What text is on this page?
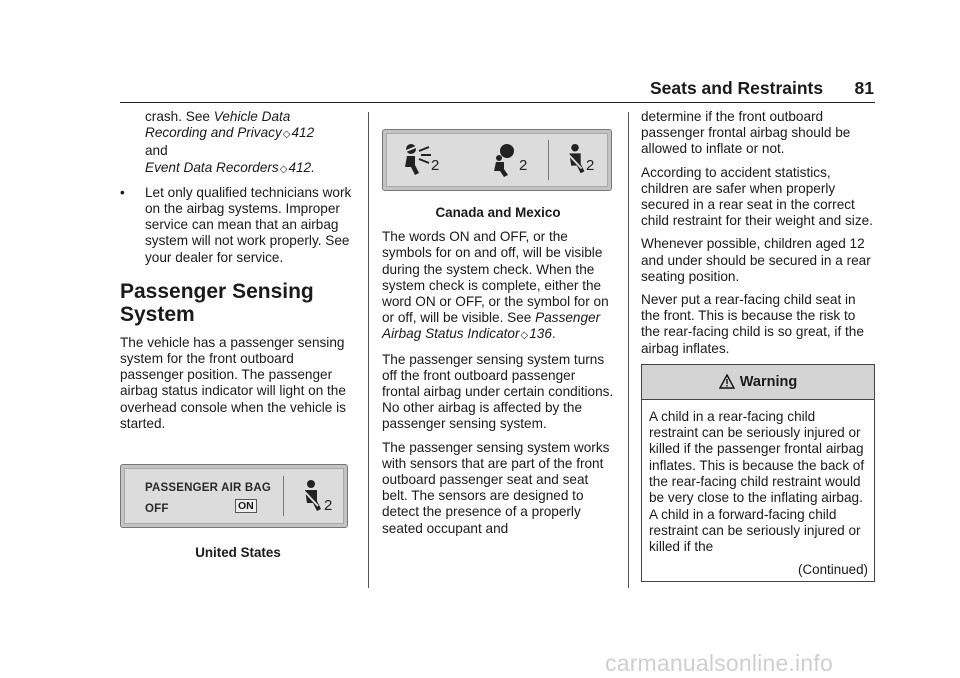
Seats and Restraints 81

crash. See Vehicle Data Recording and Privacy◇412
and
Event Data Recorders◇412.

• Let only qualified technicians work on the airbag systems. Improper service can mean that an airbag system will not work properly. See your dealer for service.
Passenger Sensing System

The vehicle has a passenger sensing system for the front outboard passenger position. The passenger airbag status indicator will light on the overhead console when the vehicle is started.

PASSENGER AIR BAG
OFF	ON	2
United States
2	2	2
Canada and Mexico

The words ON and OFF, or the symbols for on and off, will be visible during the system check. When the system check is complete, either the word ON or OFF, or the symbol for on or off, will be visible. See Passenger Airbag Status Indicator◇136.

The passenger sensing system turns off the front outboard passenger frontal airbag under certain conditions. No other airbag is affected by the passenger sensing system.

The passenger sensing system works with sensors that are part of the front outboard passenger seat and seat belt. The sensors are designed to detect the presence of a properly seated occupant and

determine if the front outboard passenger frontal airbag should be allowed to inflate or not.

According to accident statistics, children are safer when properly secured in a rear seat in the correct child restraint for their weight and size.

Whenever possible, children aged 12 and under should be secured in a rear seating position.

Never put a rear-facing child seat in the front. This is because the risk to the rear-facing child is so great, if the airbag inflates.

Warning
A child in a rear-facing child restraint can be seriously injured or killed if the passenger frontal airbag inflates. This is because the back of the rear-facing child restraint would be very close to the inflating airbag. A child in a forward-facing child restraint can be seriously injured or killed if the
(Continued)
carmanualsonline.info
